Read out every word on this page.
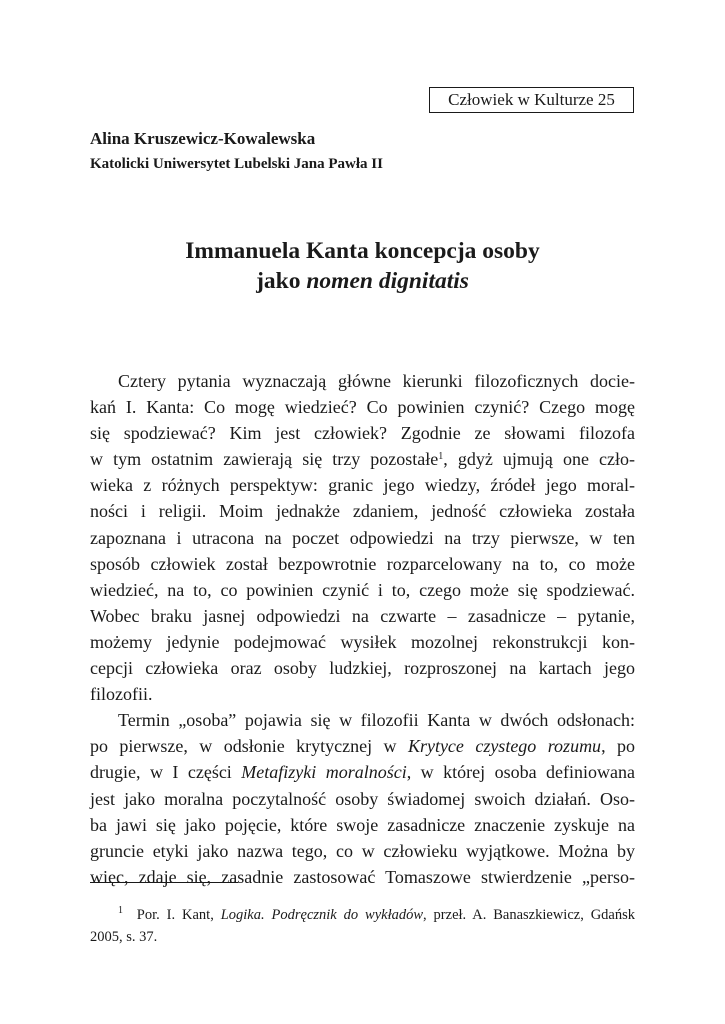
Człowiek w Kulturze 25
Alina Kruszewicz-Kowalewska
Katolicki Uniwersytet Lubelski Jana Pawła II
Immanuela Kanta koncepcja osoby
jako nomen dignitatis
Cztery pytania wyznaczają główne kierunki filozoficznych docie-
kań I. Kanta: Co mogę wiedzieć? Co powinien czynić? Czego mogę
się spodziewać? Kim jest człowiek? Zgodnie ze słowami filozofa
w tym ostatnim zawierają się trzy pozostałe$^1$, gdyż ujmują one czło-
wieka z różnych perspektyw: granic jego wiedzy, źródeł jego moral-
ności i religii. Moim jednakże zdaniem, jedność człowieka została
zapoznana i utracona na poczet odpowiedzi na trzy pierwsze, w ten
sposób człowiek został bezpowrotnie rozparcelowany na to, co może
wiedzieć, na to, co powinien czynić i to, czego może się spodziewać.
Wobec braku jasnej odpowiedzi na czwarte – zasadnicze – pytanie,
możemy jedynie podejmować wysiłek mozolnej rekonstrukcji kon-
cepcji człowieka oraz osoby ludzkiej, rozproszonej na kartach jego
filozofii.
Termin „osoba” pojawia się w filozofii Kanta w dwóch odsłonach:
po pierwsze, w odsłonie krytycznej w Krytyce czystego rozumu, po
drugie, w I części Metafizyki moralności, w której osoba definiowana
jest jako moralna poczytalność osoby świadomej swoich działań. Oso-
ba jawi się jako pojęcie, które swoje zasadnicze znaczenie zyskuje na
gruncie etyki jako nazwa tego, co w człowieku wyjątkowe. Można by
więc, zdaje się, zasadnie zastosować Tomaszowe stwierdzenie „perso-
$^1$ Por. I. Kant, Logika. Podręcznik do wykładów, przeł. A. Banaszkiewicz, Gdańsk
2005, s. 37.
